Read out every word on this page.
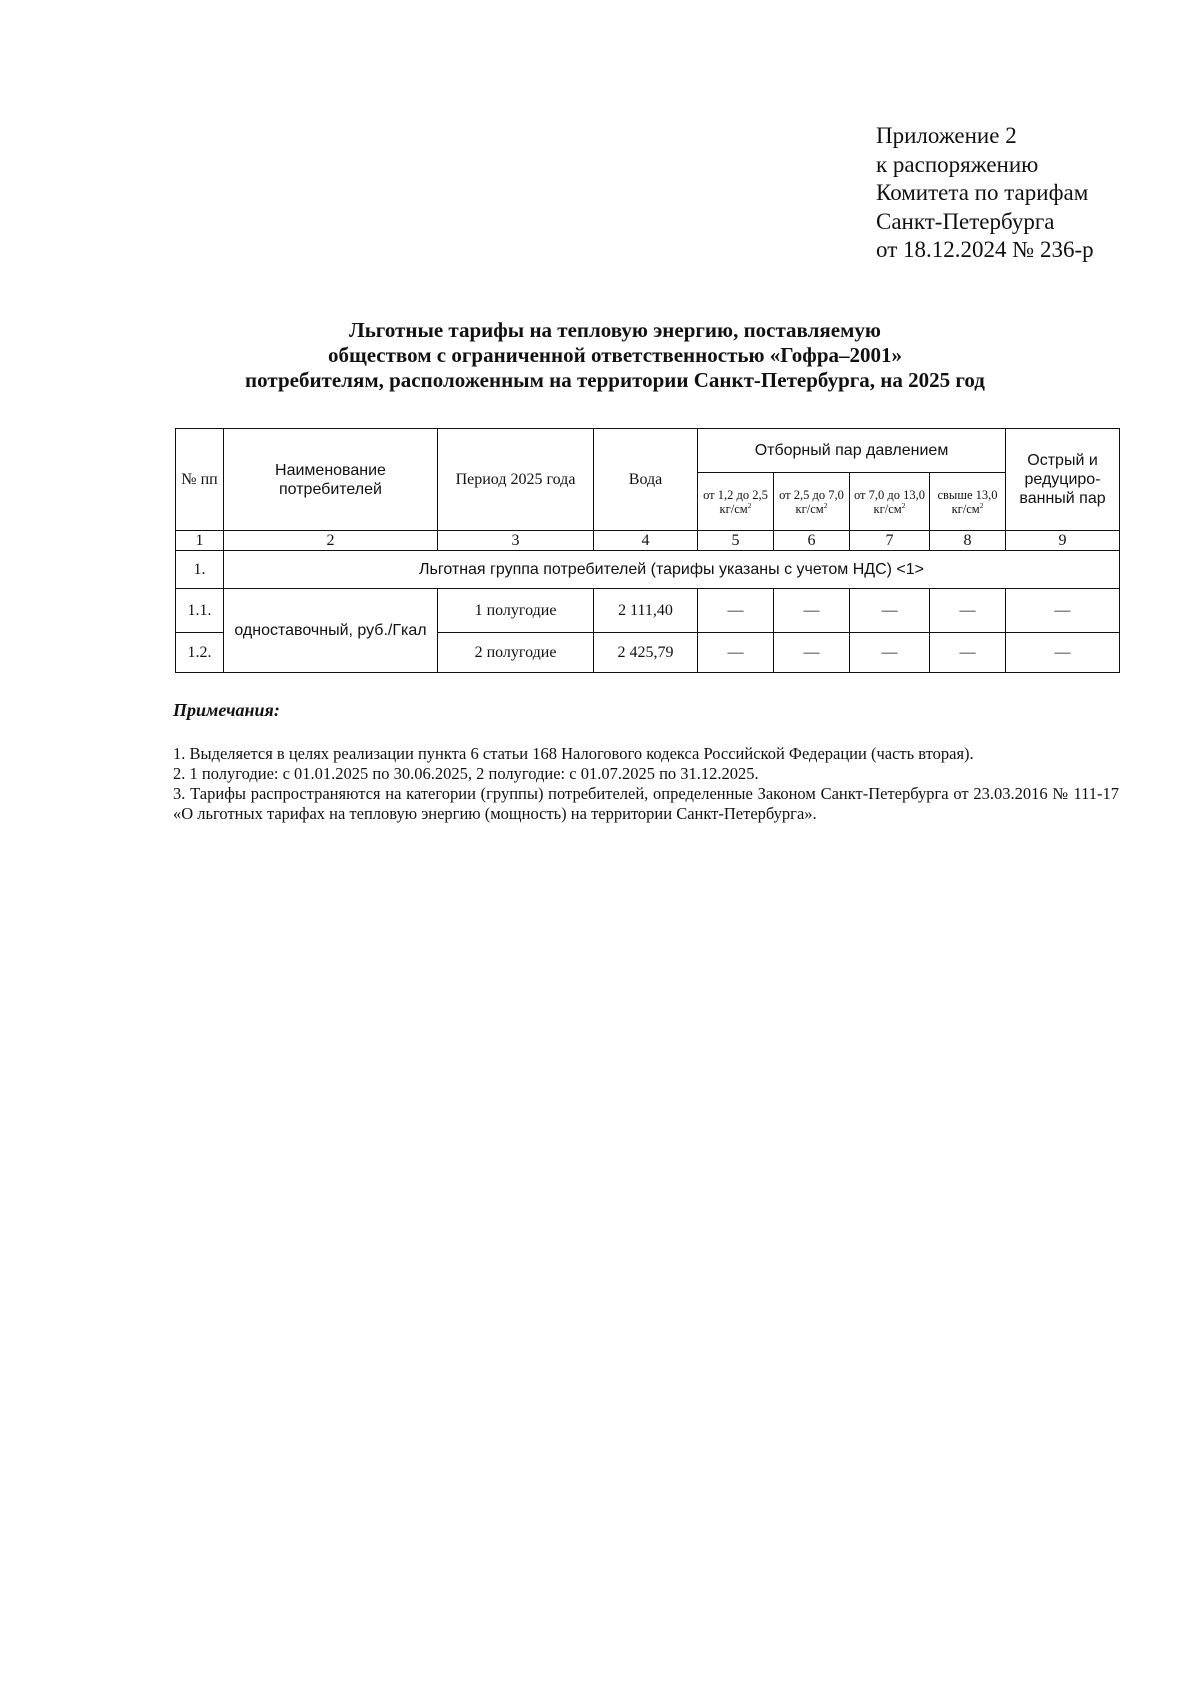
Приложение 2
к распоряжению
Комитета по тарифам
Санкт-Петербурга
от 18.12.2024 № 236-р
Льготные тарифы на тепловую энергию, поставляемую
обществом с ограниченной ответственностью «Гофра–2001»
потребителям, расположенным на территории Санкт-Петербурга, на 2025 год
№ пп	Наименование потребителей	Период 2025 года	Вода	Отборный пар давлением				Острый и редуциро-ванный пар
				от 1,2 до 2,5 $кг/см^2$	от 2,5 до 7,0 $кг/см^2$	от 7,0 до 13,0 $кг/см^2$	свыше 13,0 $кг/см^2$
1	2	3	4	5	6	7	8	9
1.	Льготная группа потребителей (тарифы указаны с учетом НДС) <1>							
1.1.	одноставочный, руб./Гкал	1 полугодие	2 111,40	—	—	—	—	—
1.2.		2 полугодие	2 425,79	—	—	—	—	—
Примечания:

1. Выделяется в целях реализации пункта 6 статьи 168 Налогового кодекса Российской Федерации (часть вторая).

2. 1 полугодие: с 01.01.2025 по 30.06.2025, 2 полугодие: с 01.07.2025 по 31.12.2025.

3. Тарифы распространяются на категории (группы) потребителей, определенные Законом Санкт-Петербурга от 23.03.2016 № 111-17 «О льготных тарифах на тепловую энергию (мощность) на территории Санкт-Петербурга».
